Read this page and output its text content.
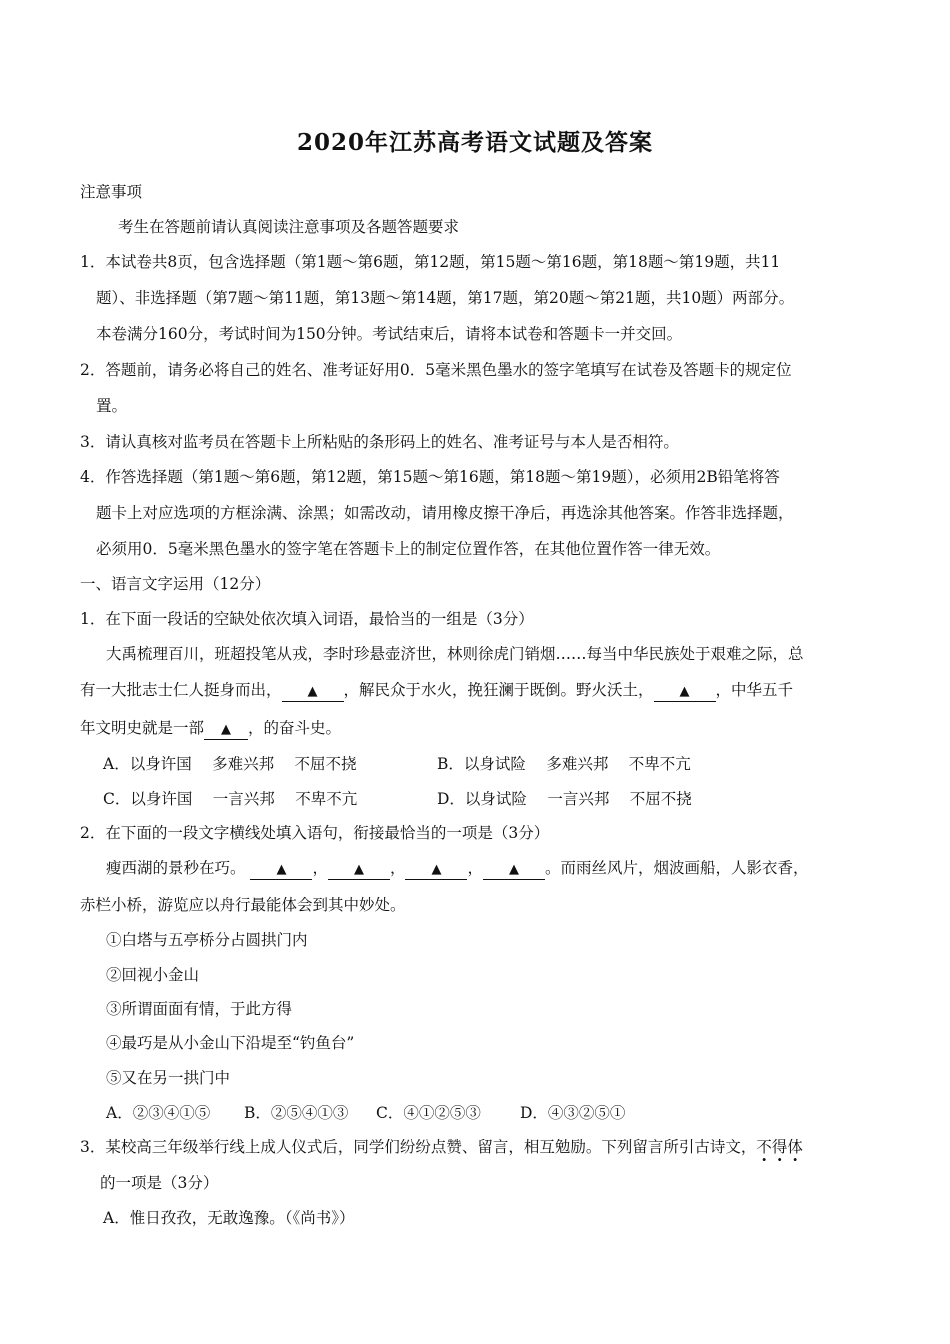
2020年江苏高考语文试题及答案
注意事项
考生在答题前请认真阅读注意事项及各题答题要求
1．本试卷共8页，包含选择题（第1题～第6题，第12题，第15题～第16题，第18题～第19题，共11
题）、非选择题（第7题～第11题，第13题～第14题，第17题，第20题～第21题，共10题）两部分。
本卷满分160分，考试时间为150分钟。考试结束后，请将本试卷和答题卡一并交回。
2．答题前，请务必将自己的姓名、准考证好用0．5毫米黑色墨水的签字笔填写在试卷及答题卡的规定位
置。
3．请认真核对监考员在答题卡上所粘贴的条形码上的姓名、准考证号与本人是否相符。
4．作答选择题（第1题～第6题，第12题，第15题～第16题，第18题～第19题），必须用2B铅笔将答
题卡上对应选项的方框涂满、涂黑；如需改动，请用橡皮擦干净后，再选涂其他答案。作答非选择题，
必须用0．5毫米黑色墨水的签字笔在答题卡上的制定位置作答，在其他位置作答一律无效。
一、语言文字运用（12分）
1．在下面一段话的空缺处依次填入词语，最恰当的一组是（3分）
大禹梳理百川，班超投笔从戎，李时珍悬壶济世，林则徐虎门销烟……每当中华民族处于艰难之际，总
有一大批志士仁人挺身而出， ▲ ，解民众于水火，挽狂澜于既倒。野火沃土， ▲ ，中华五千
年文明史就是一部 ▲ ，的奋斗史。
A．以身许国　 多难兴邦　 不屈不挠	B．以身试险　 多难兴邦　 不卑不亢
C．以身许国　 一言兴邦　 不卑不亢	D．以身试险　 一言兴邦　 不屈不挠
2．在下面的一段文字横线处填入语句，衔接最恰当的一项是（3分）
瘦西湖的景秒在巧。 ▲ ， ▲ ， ▲ ， ▲ 。而雨丝风片，烟波画船，人影衣香，
赤栏小桥，游览应以舟行最能体会到其中妙处。
①白塔与五亭桥分占圆拱门内
②回视小金山
③所谓面面有情，于此方得
④最巧是从小金山下沿堤至“钓鱼台”
⑤又在另一拱门中
A．②③④①⑤ B．②⑤④①③ C．④①②⑤③	D．④③②⑤①
3．某校高三年级举行线上成人仪式后，同学们纷纷点赞、留言，相互勉励。下列留言所引古诗文，不得体
的一项是（3分）
A．惟日孜孜，无敢逸豫。（《尚书》）
